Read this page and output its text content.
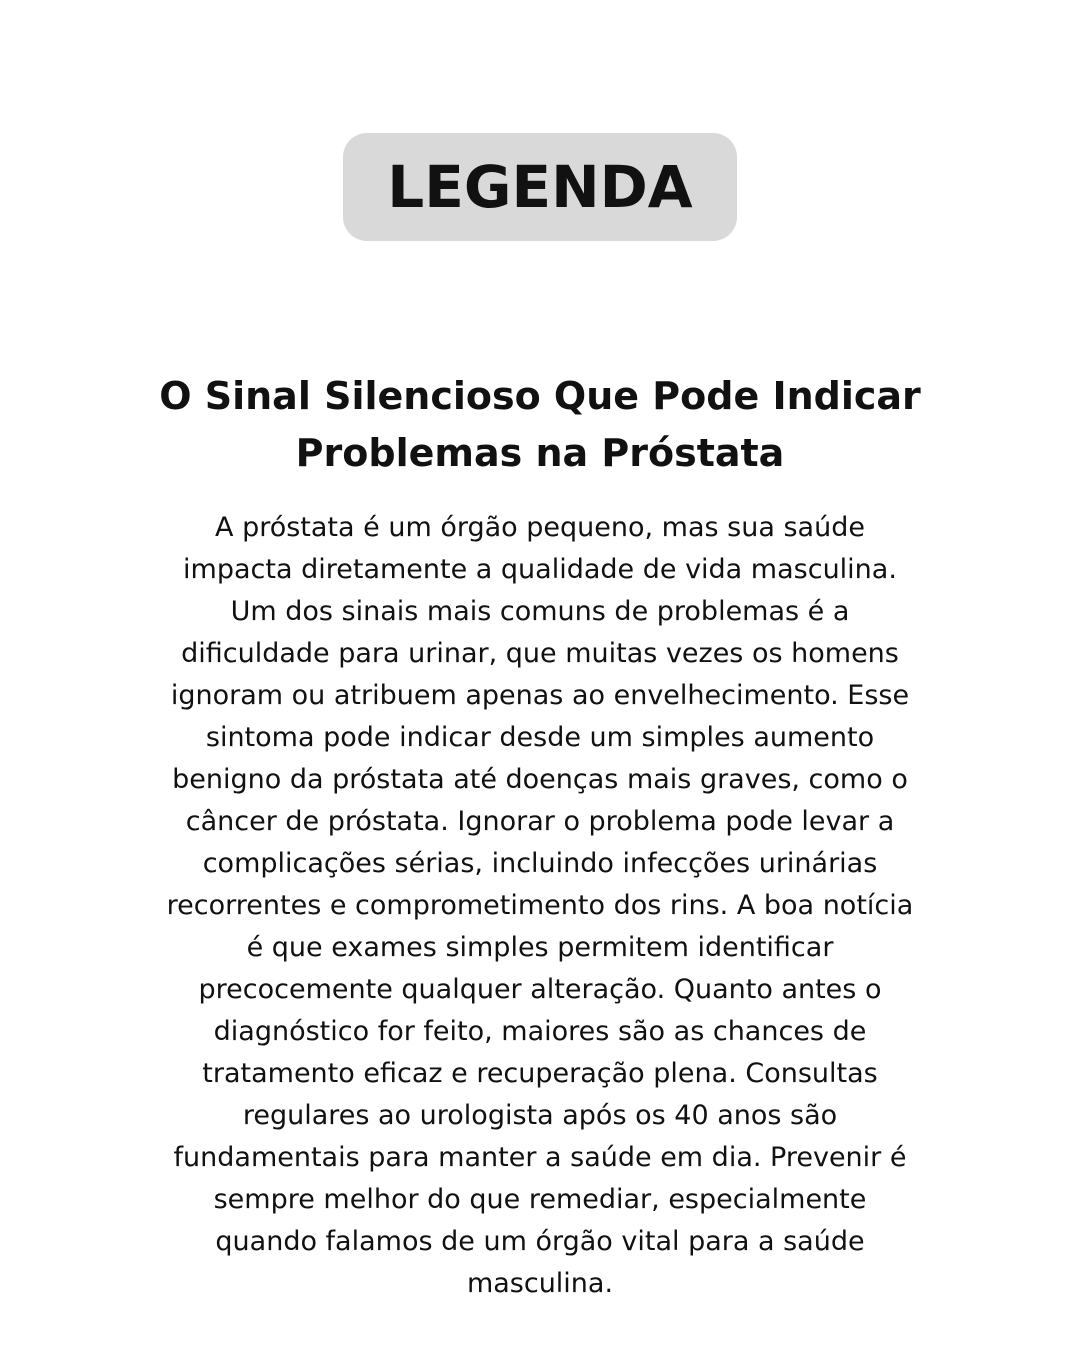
LEGENDA
O Sinal Silencioso Que Pode Indicar
Problemas na Próstata

A próstata é um órgão pequeno, mas sua saúde
impacta diretamente a qualidade de vida masculina.
Um dos sinais mais comuns de problemas é a
dificuldade para urinar, que muitas vezes os homens
ignoram ou atribuem apenas ao envelhecimento. Esse
sintoma pode indicar desde um simples aumento
benigno da próstata até doenças mais graves, como o
câncer de próstata. Ignorar o problema pode levar a
complicações sérias, incluindo infecções urinárias
recorrentes e comprometimento dos rins. A boa notícia
é que exames simples permitem identificar
precocemente qualquer alteração. Quanto antes o
diagnóstico for feito, maiores são as chances de
tratamento eficaz e recuperação plena. Consultas
regulares ao urologista após os 40 anos são
fundamentais para manter a saúde em dia. Prevenir é
sempre melhor do que remediar, especialmente
quando falamos de um órgão vital para a saúde
masculina.
